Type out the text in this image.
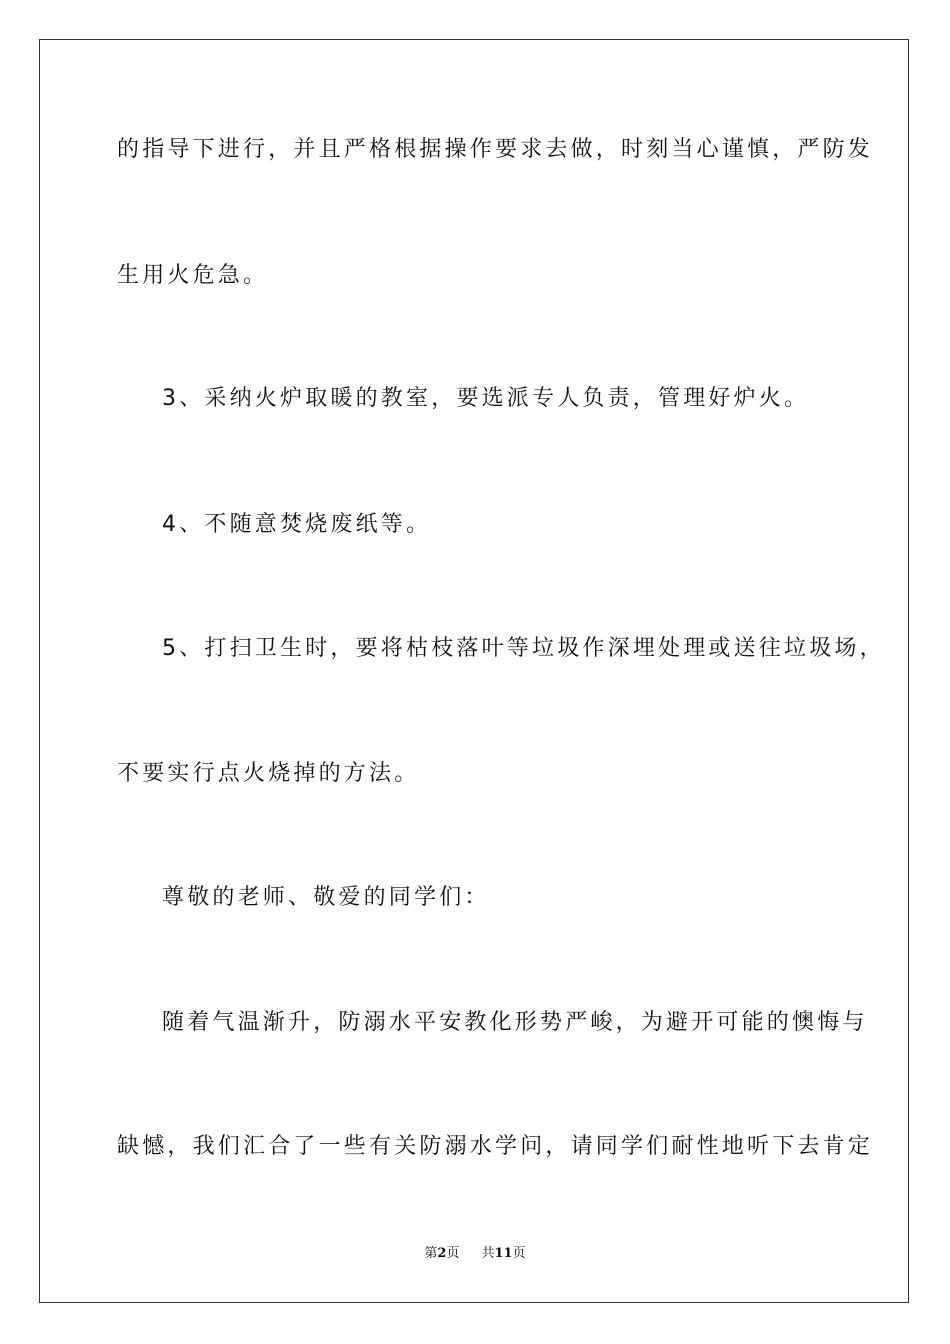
的指导下进行，并且严格根据操作要求去做，时刻当心谨慎，严防发
生用火危急。
3、采纳火炉取暖的教室，要选派专人负责，管理好炉火。
4、不随意焚烧废纸等。
5、打扫卫生时，要将枯枝落叶等垃圾作深埋处理或送往垃圾场，
不要实行点火烧掉的方法。
尊敬的老师、敬爱的同学们：
随着气温渐升，防溺水平安教化形势严峻，为避开可能的懊悔与
缺憾，我们汇合了一些有关防溺水学问，请同学们耐性地听下去肯定
第2页 共11页
